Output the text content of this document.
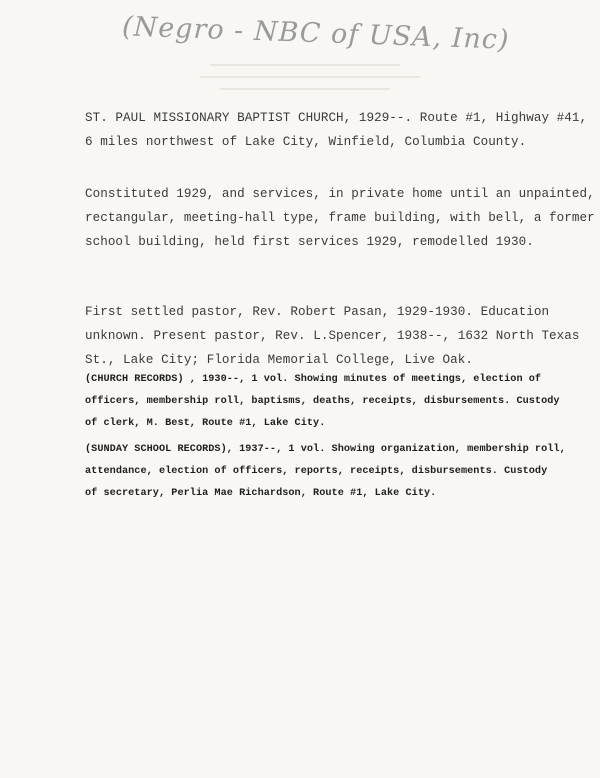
(Negro - NBC of USA, Inc)

ST. PAUL MISSIONARY BAPTIST CHURCH, 1929--. Route #1, Highway #41,
6 miles northwest of Lake City, Winfield, Columbia County.

Constituted 1929, and services, in private home until an unpainted,
rectangular, meeting-hall type, frame building, with bell, a former
school building, held first services 1929, remodelled 1930.

First settled pastor, Rev. Robert Pasan, 1929-1930. Education
unknown. Present pastor, Rev. L.Spencer, 1938--, 1632 North Texas
St., Lake City; Florida Memorial College, Live Oak.

(CHURCH RECORDS) , 1930--, 1 vol. Showing minutes of meetings, election of
officers, membership roll, baptisms, deaths, receipts, disbursements. Custody
of clerk, M. Best, Route #1, Lake City.

(SUNDAY SCHOOL RECORDS), 1937--, 1 vol. Showing organization, membership roll,
attendance, election of officers, reports, receipts, disbursements. Custody
of secretary, Perlia Mae Richardson, Route #1, Lake City.
